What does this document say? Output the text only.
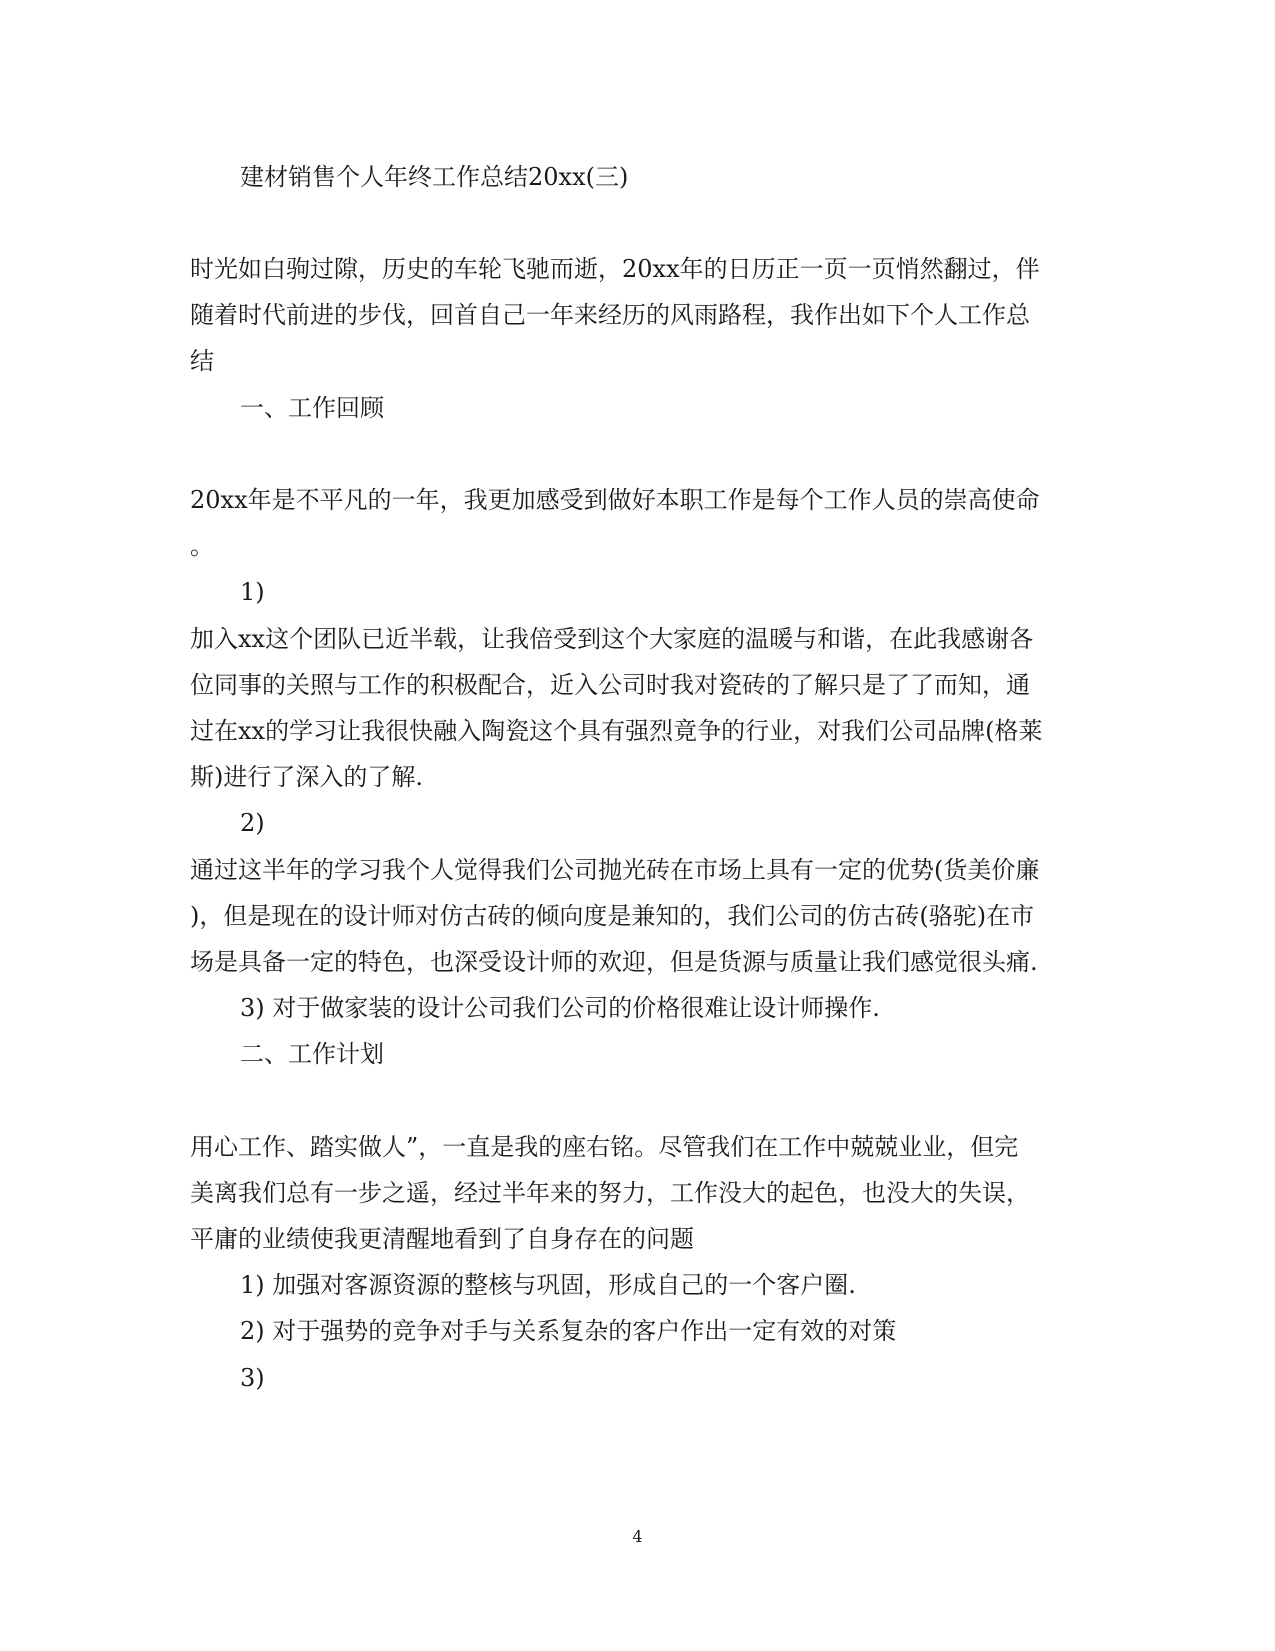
建材销售个人年终工作总结20xx(三)
时光如白驹过隙，历史的车轮飞驰而逝，20xx年的日历正一页一页悄然翻过，伴
随着时代前进的步伐，回首自己一年来经历的风雨路程，我作出如下个人工作总
结
一、工作回顾
20xx年是不平凡的一年，我更加感受到做好本职工作是每个工作人员的崇高使命
。
1)
加入xx这个团队已近半载，让我倍受到这个大家庭的温暖与和谐，在此我感谢各
位同事的关照与工作的积极配合，近入公司时我对瓷砖的了解只是了了而知，通
过在xx的学习让我很快融入陶瓷这个具有强烈竟争的行业，对我们公司品牌(格莱
斯)进行了深入的了解.
2)
通过这半年的学习我个人觉得我们公司抛光砖在市场上具有一定的优势(货美价廉
)，但是现在的设计师对仿古砖的倾向度是兼知的，我们公司的仿古砖(骆驼)在市
场是具备一定的特色，也深受设计师的欢迎，但是货源与质量让我们感觉很头痛.
3) 对于做家装的设计公司我们公司的价格很难让设计师操作.
二、工作计划
用心工作、踏实做人”，一直是我的座右铭。尽管我们在工作中兢兢业业，但完
美离我们总有一步之遥，经过半年来的努力，工作没大的起色，也没大的失误，
平庸的业绩使我更清醒地看到了自身存在的问题
1) 加强对客源资源的整核与巩固，形成自己的一个客户圈.
2) 对于强势的竞争对手与关系复杂的客户作出一定有效的对策
3)
4
